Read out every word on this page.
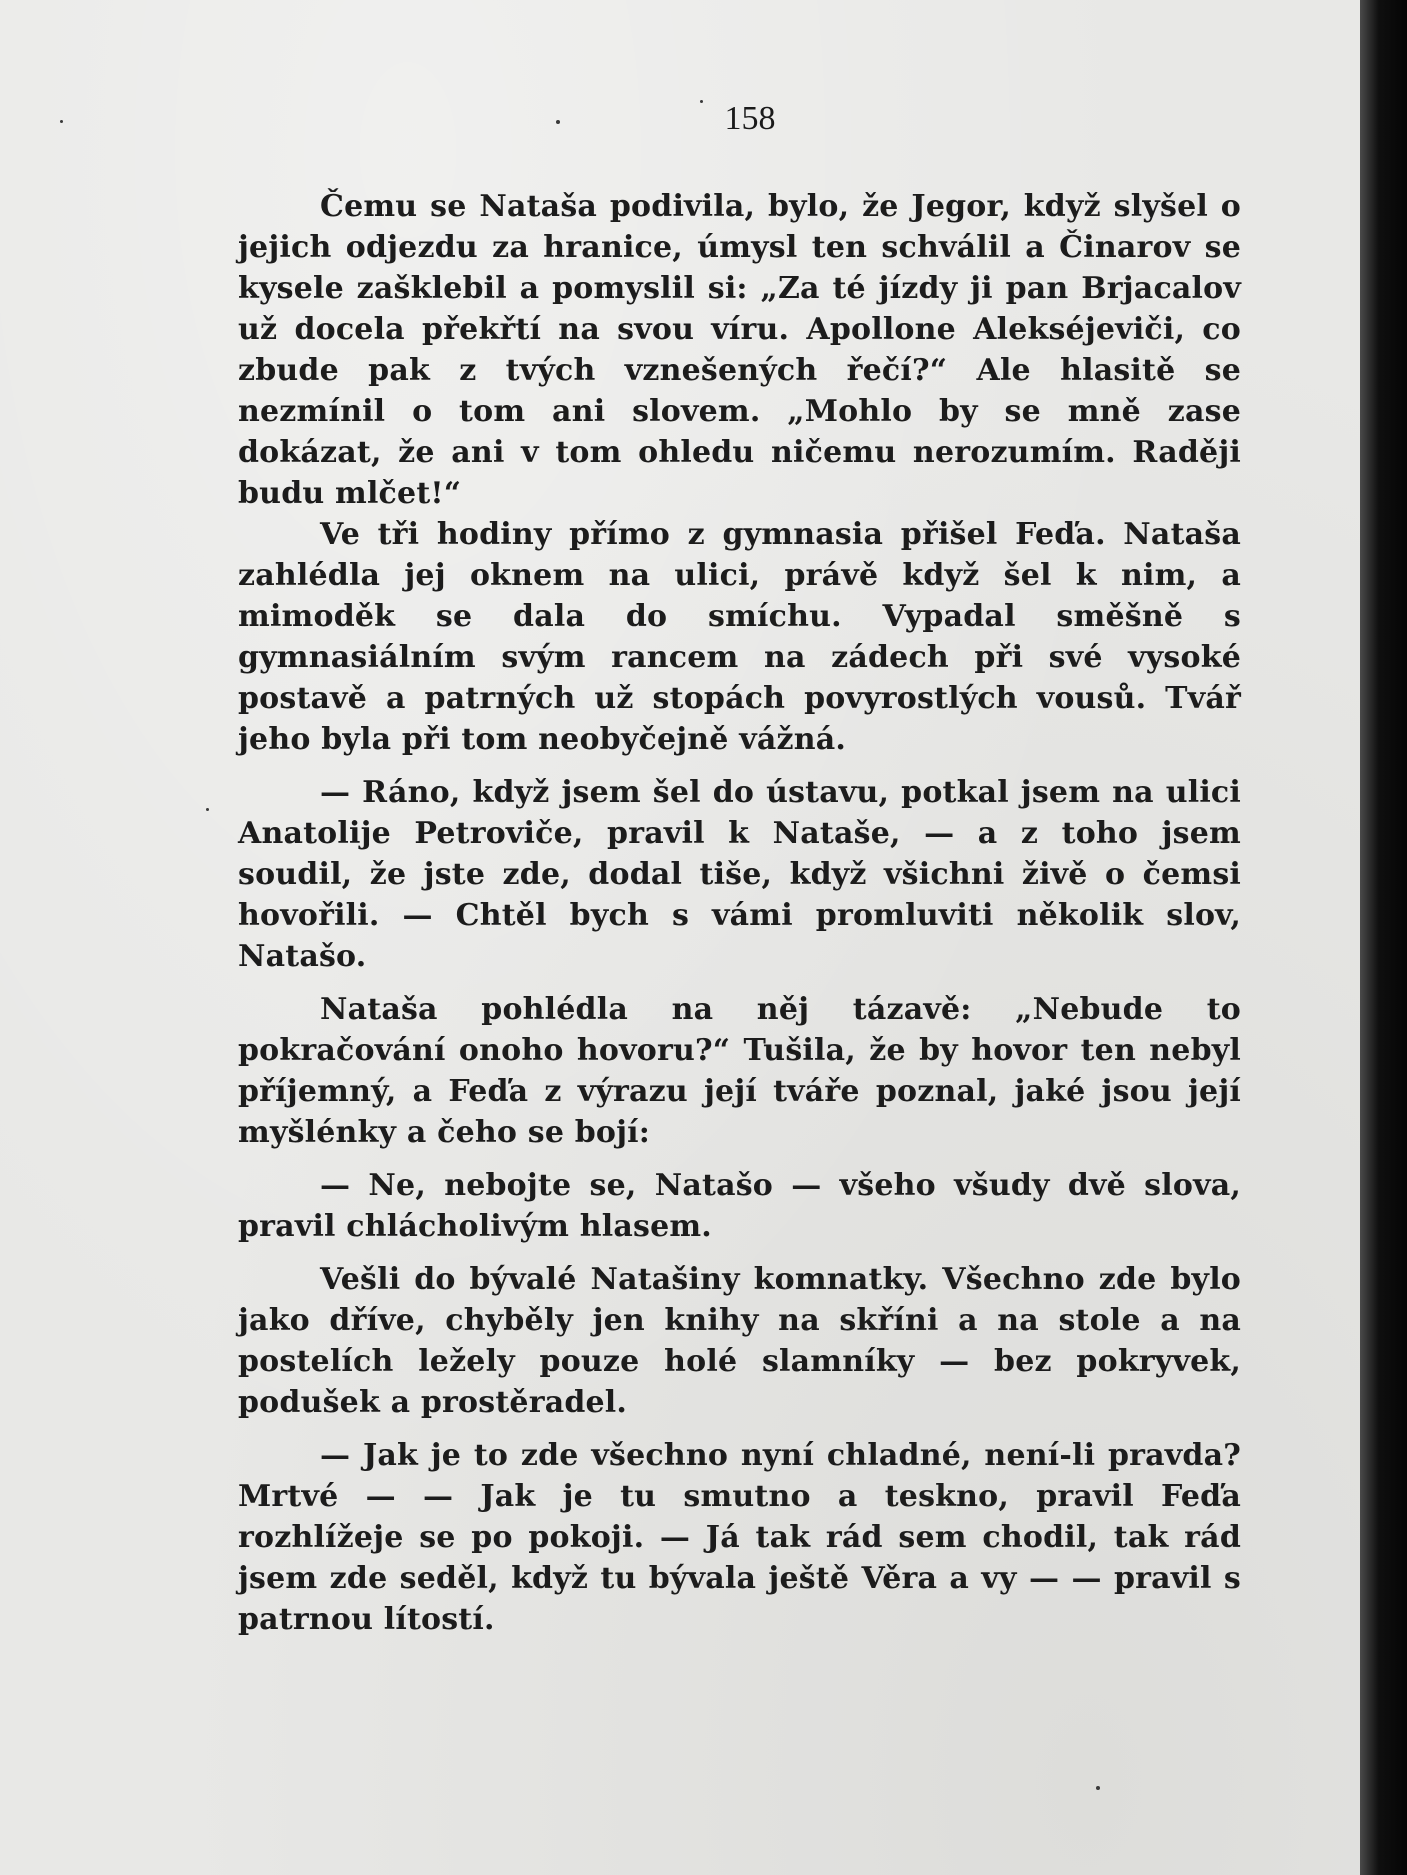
158

Čemu se Nataša podivila, bylo, že Jegor, když slyšel o jejich odjezdu za hranice, úmysl ten schválil a Činarov se kysele zašklebil a pomyslil si: „Za té jízdy ji pan Brjacalov už docela překřtí na svou víru. Apollone Alekséjeviči, co zbude pak z tvých vznešených řečí?“ Ale hlasitě se nezmínil o tom ani slovem. „Mohlo by se mně zase dokázat, že ani v tom ohledu ničemu nerozumím. Raději budu mlčet!“

Ve tři hodiny přímo z gymnasia přišel Feďa. Nataša zahlédla jej oknem na ulici, právě když šel k nim, a mimoděk se dala do smíchu. Vypadal směšně s gymnasiálním svým rancem na zádech při své vysoké postavě a patrných už stopách povyrostlých vousů. Tvář jeho byla při tom neobyčejně vážná.

— Ráno, když jsem šel do ústavu, potkal jsem na ulici Anatolije Petroviče, pravil k Nataše, — a z toho jsem soudil, že jste zde, dodal tiše, když všichni živě o čemsi hovořili. — Chtěl bych s vámi promluviti několik slov, Natašo.

Nataša pohlédla na něj tázavě: „Nebude to pokračování onoho hovoru?“ Tušila, že by hovor ten nebyl příjemný, a Feďa z výrazu její tváře poznal, jaké jsou její myšlénky a čeho se bojí:

— Ne, nebojte se, Natašo — všeho všudy dvě slova, pravil chlácholivým hlasem.

Vešli do bývalé Natašiny komnatky. Všechno zde bylo jako dříve, chyběly jen knihy na skříni a na stole a na postelích ležely pouze holé slamníky — bez pokryvek, podušek a prostěradel.

— Jak je to zde všechno nyní chladné, není-li pravda? Mrtvé — — Jak je tu smutno a teskno, pravil Feďa rozhlížeje se po pokoji. — Já tak rád sem chodil, tak rád jsem zde seděl, když tu bývala ještě Věra a vy — — pravil s patrnou lítostí.
